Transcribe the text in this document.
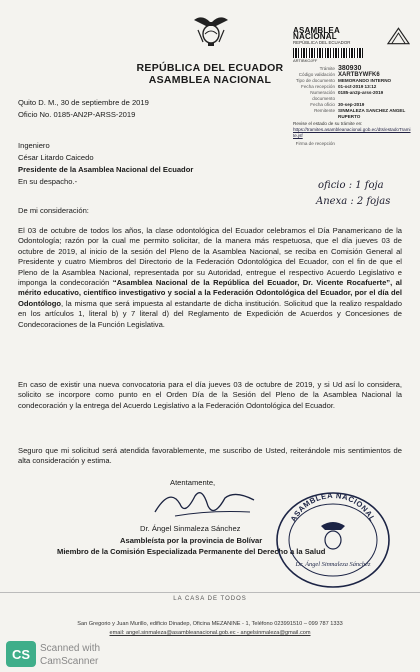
REPÚBLICA DEL ECUADOR
ASAMBLEA NACIONAL
ASAMBLEA NACIONAL
REPÚBLICA DEL ECUADOR
ARTIBKOJFF
Trámite 380930
Código validación XARTBYWFK6
Tipo de documento MEMORANDO INTERNO
Fecha recepción 01-oct-2019 13:12
Numeración documento
0185-an2p-arss-2019
Fecha oficio 30-sep-2019
Remitente SINMALEZA SANCHEZ ANGEL RUPERTO
Revise el estado de su trámite en:
https://tramites.asambleanacional.gob.ec/dts/estadoTramite.jsf
Firma de recepción
oficio : 1 foja
Anexa : 2 fojas
Quito D. M., 30 de septiembre de 2019
Oficio No. 0185-AN2P-ARSS-2019
Ingeniero
César Litardo Caicedo
Presidente de la Asamblea Nacional del Ecuador
En su despacho.-
De mi consideración:
El 03 de octubre de todos los años, la clase odontológica del Ecuador celebramos el Día Panamericano de la Odontología; razón por la cual me permito solicitar, de la manera más respetuosa, que el día jueves 03 de octubre de 2019, al inicio de la sesión del Pleno de la Asamblea Nacional, se reciba en Comisión General al Presidente y cuatro Miembros del Directorio de la Federación Odontológica del Ecuador, con el fin de que el Pleno de la Asamblea Nacional, representada por su Autoridad, entregue el respectivo Acuerdo Legislativo e imponga la condecoración “Asamblea Nacional de la República del Ecuador, Dr. Vicente Rocafuerte”, al mérito educativo, científico investigativo y social a la Federación Odontológica del Ecuador, por el día del Odontólogo, la misma que será impuesta al estandarte de dicha institución. Solicitud que la realizo respaldado en los artículos 1, literal b) y 7 literal d) del Reglamento de Expedición de Acuerdos y Concesiones de Condecoraciones de la Función Legislativa.
En caso de existir una nueva convocatoria para el día jueves 03 de octubre de 2019, y si Ud así lo considera, solicito se incorpore como punto en el Orden Día de la Sesión del Pleno de la Asamblea Nacional la condecoración y la entrega del Acuerdo Legislativo a la Federación Odontológica del Ecuador.
Seguro que mi solicitud será atendida favorablemente, me suscribo de Usted, reiterándole mis sentimientos de alta consideración y estima.
Atentamente,
Dr. Ángel Sinmaleza Sánchez
Asambleísta por la provincia de Bolívar
Miembro de la Comisión Especializada Permanente del Derecho a la Salud
ASAMBLEA NACIONAL
Dr. Ángel Sinmaleza Sánchez
LA CASA DE TODOS
San Gregorio y Juan Murillo, edificio Dinadep, Oficina MEZANINE - 1, Teléfono 023991510 – 099 787 1333
email: angel.sinmaleza@asambleanacional.gob.ec - angelsinmaleza@gmail.com
CS Scanned with
CamScanner
